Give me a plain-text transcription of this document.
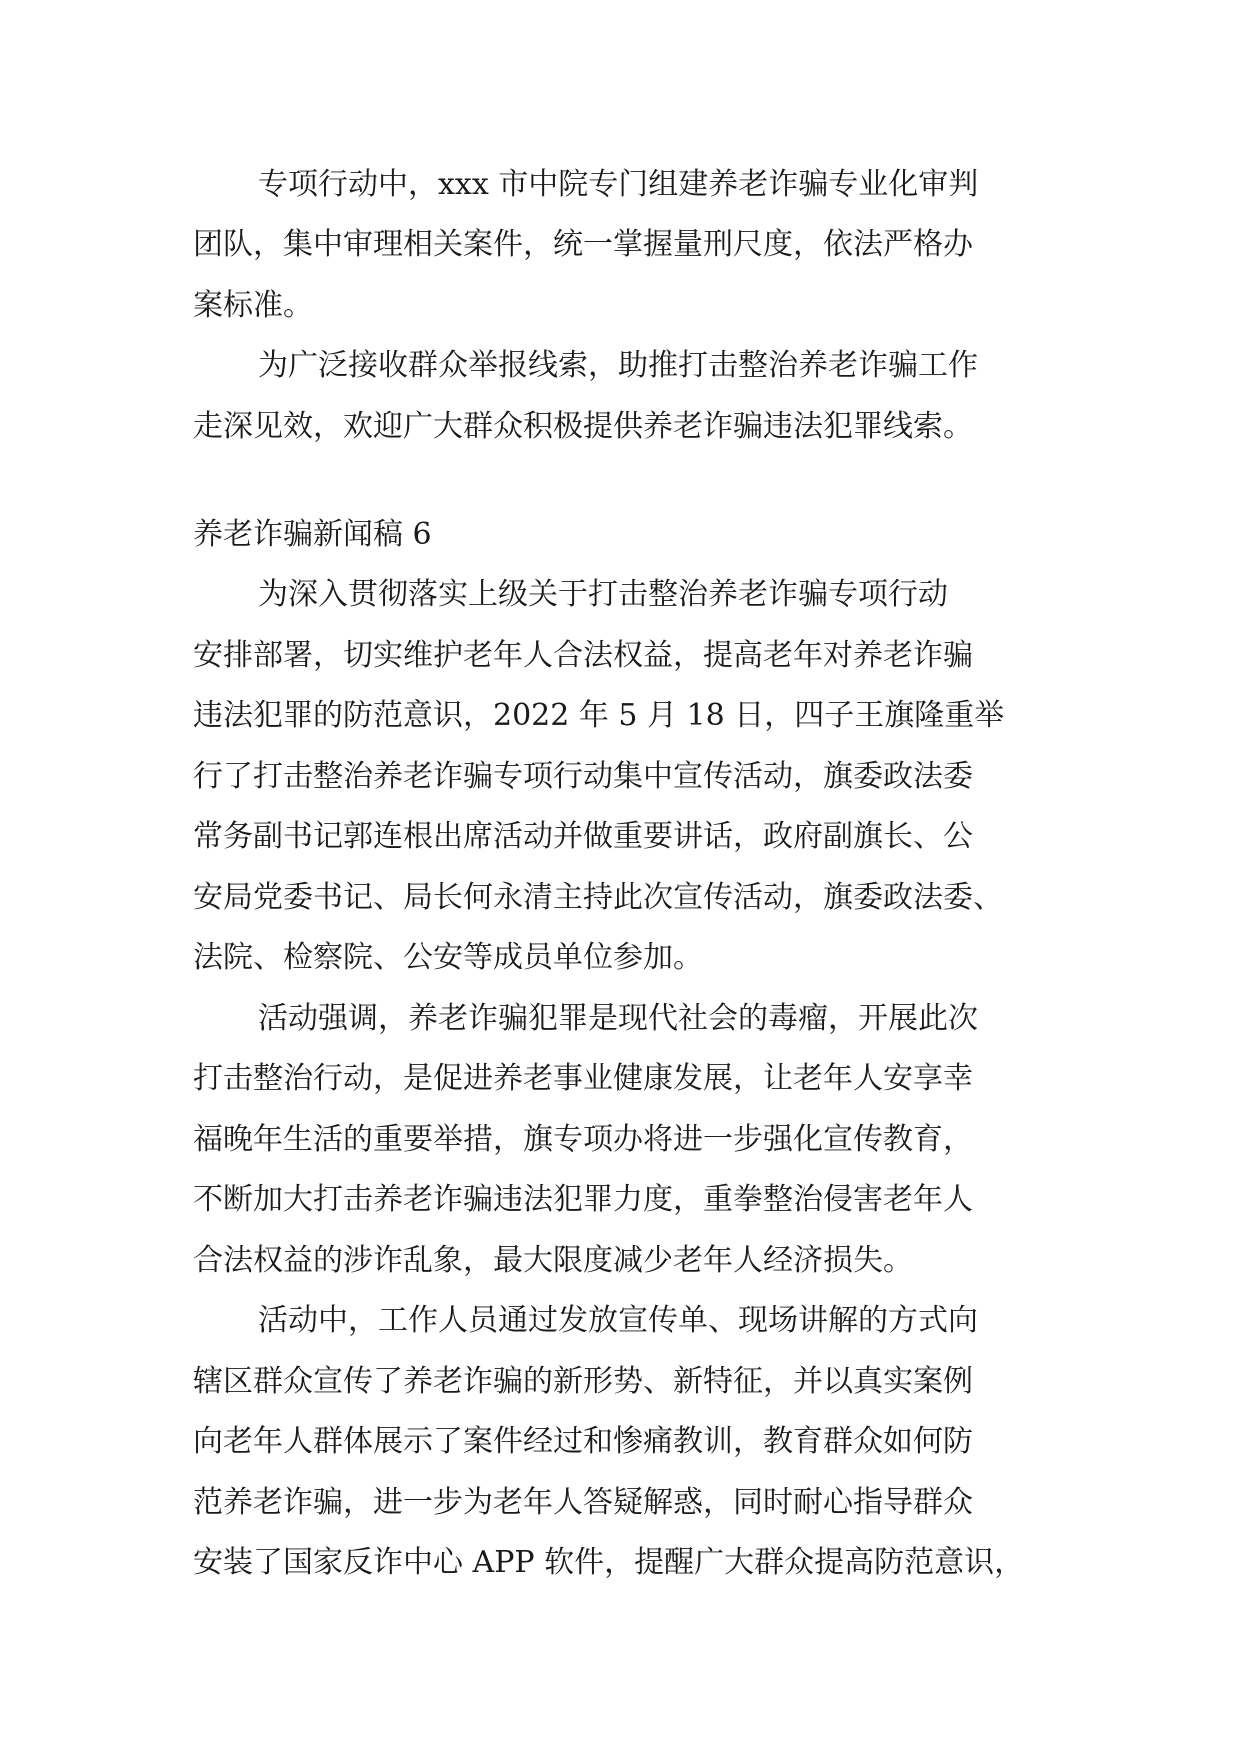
专项行动中，xxx 市中院专门组建养老诈骗专业化审判
团队，集中审理相关案件，统一掌握量刑尺度，依法严格办
案标准。
为广泛接收群众举报线索，助推打击整治养老诈骗工作
走深见效，欢迎广大群众积极提供养老诈骗违法犯罪线索。
养老诈骗新闻稿 6
为深入贯彻落实上级关于打击整治养老诈骗专项行动
安排部署，切实维护老年人合法权益，提高老年对养老诈骗
违法犯罪的防范意识，2022 年 5 月 18 日，四子王旗隆重举
行了打击整治养老诈骗专项行动集中宣传活动，旗委政法委
常务副书记郭连根出席活动并做重要讲话，政府副旗长、公
安局党委书记、局长何永清主持此次宣传活动，旗委政法委、
法院、检察院、公安等成员单位参加。
活动强调，养老诈骗犯罪是现代社会的毒瘤，开展此次
打击整治行动，是促进养老事业健康发展，让老年人安享幸
福晚年生活的重要举措，旗专项办将进一步强化宣传教育，
不断加大打击养老诈骗违法犯罪力度，重拳整治侵害老年人
合法权益的涉诈乱象，最大限度减少老年人经济损失。
活动中，工作人员通过发放宣传单、现场讲解的方式向
辖区群众宣传了养老诈骗的新形势、新特征，并以真实案例
向老年人群体展示了案件经过和惨痛教训，教育群众如何防
范养老诈骗，进一步为老年人答疑解惑，同时耐心指导群众
安装了国家反诈中心 APP 软件，提醒广大群众提高防范意识，
